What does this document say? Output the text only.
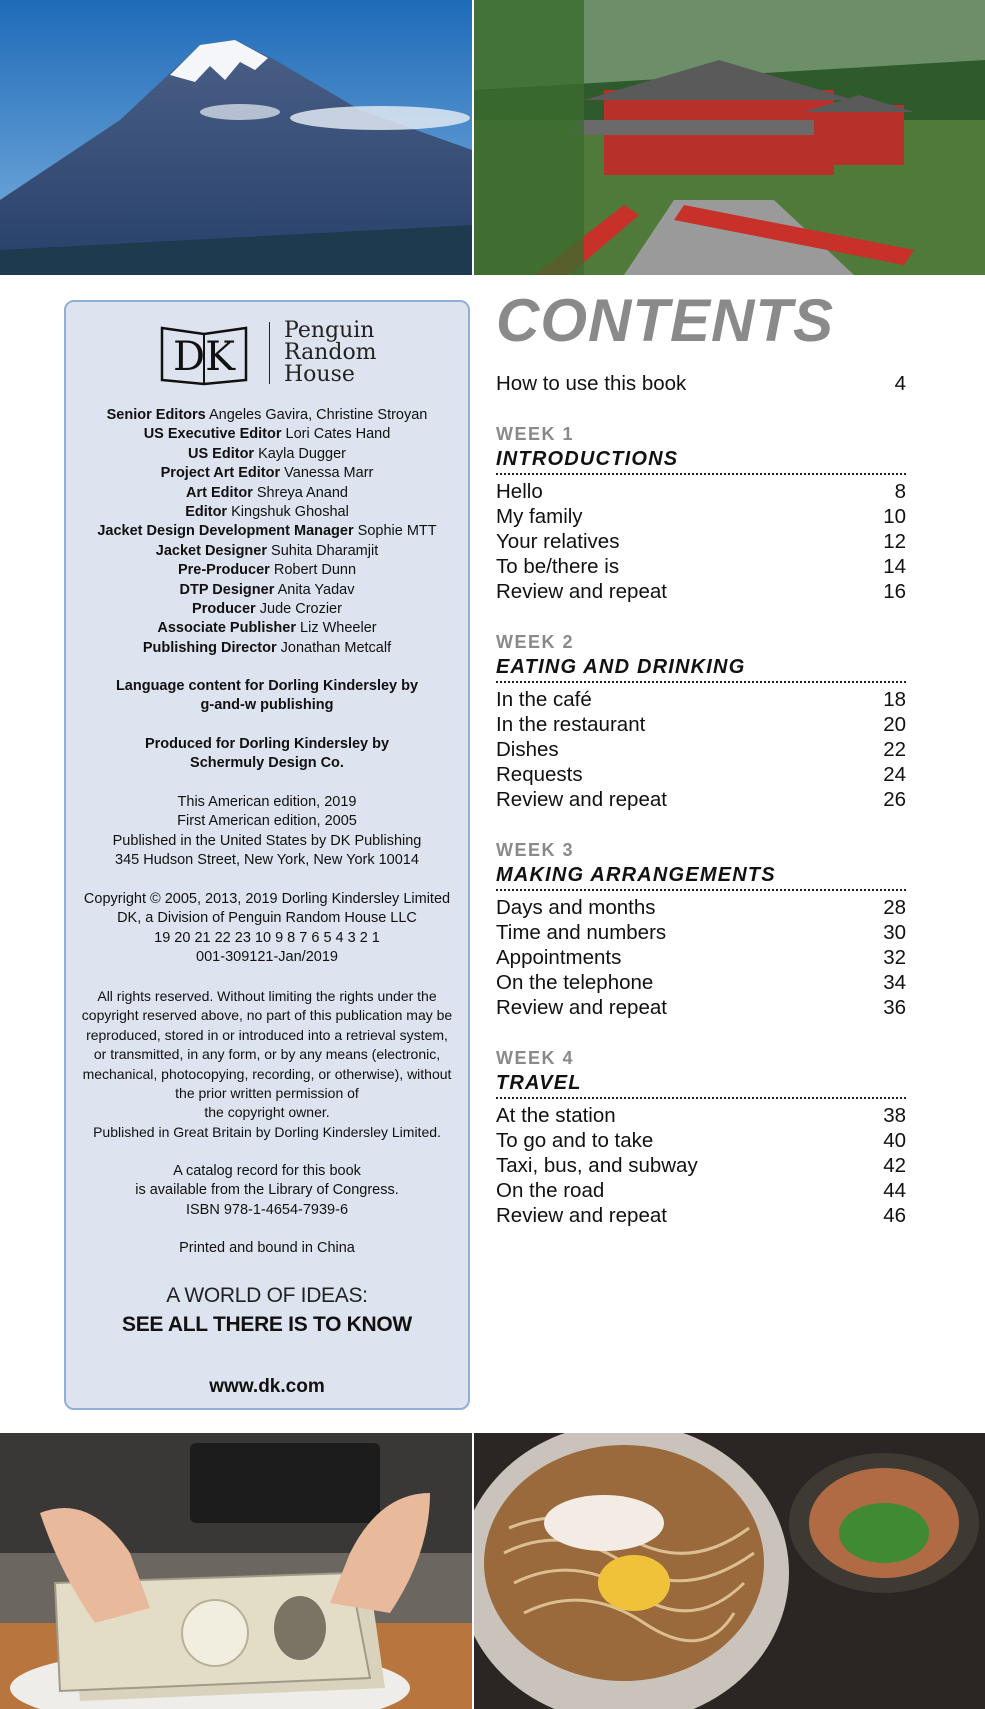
DK
Penguin
Random
House
Senior Editors Angeles Gavira, Christine Stroyan
US Executive Editor Lori Cates Hand
US Editor Kayla Dugger
Project Art Editor Vanessa Marr
Art Editor Shreya Anand
Editor Kingshuk Ghoshal
Jacket Design Development Manager Sophie MTT
Jacket Designer Suhita Dharamjit
Pre-Producer Robert Dunn
DTP Designer Anita Yadav
Producer Jude Crozier
Associate Publisher Liz Wheeler
Publishing Director Jonathan Metcalf
Language content for Dorling Kindersley by
g-and-w publishing
Produced for Dorling Kindersley by
Schermuly Design Co.
This American edition, 2019
First American edition, 2005
Published in the United States by DK Publishing
345 Hudson Street, New York, New York 10014
Copyright © 2005, 2013, 2019 Dorling Kindersley Limited
DK, a Division of Penguin Random House LLC
19 20 21 22 23 10 9 8 7 6 5 4 3 2 1
001-309121-Jan/2019
All rights reserved. Without limiting the rights under the
copyright reserved above, no part of this publication may be
reproduced, stored in or introduced into a retrieval system,
or transmitted, in any form, or by any means (electronic,
mechanical, photocopying, recording, or otherwise), without
the prior written permission of
the copyright owner.
Published in Great Britain by Dorling Kindersley Limited.
A catalog record for this book
is available from the Library of Congress.
ISBN 978-1-4654-7939-6
Printed and bound in China
A WORLD OF IDEAS:
SEE ALL THERE IS TO KNOW
www.dk.com
CONTENTS
How to use this book	4
WEEK 1
INTRODUCTIONS
Hello	8
My family	10
Your relatives	12
To be/there is	14
Review and repeat	16
WEEK 2
EATING AND DRINKING
In the café	18
In the restaurant	20
Dishes	22
Requests	24
Review and repeat	26
WEEK 3
MAKING ARRANGEMENTS
Days and months	28
Time and numbers	30
Appointments	32
On the telephone	34
Review and repeat	36
WEEK 4
TRAVEL
At the station	38
To go and to take	40
Taxi, bus, and subway	42
On the road	44
Review and repeat	46
